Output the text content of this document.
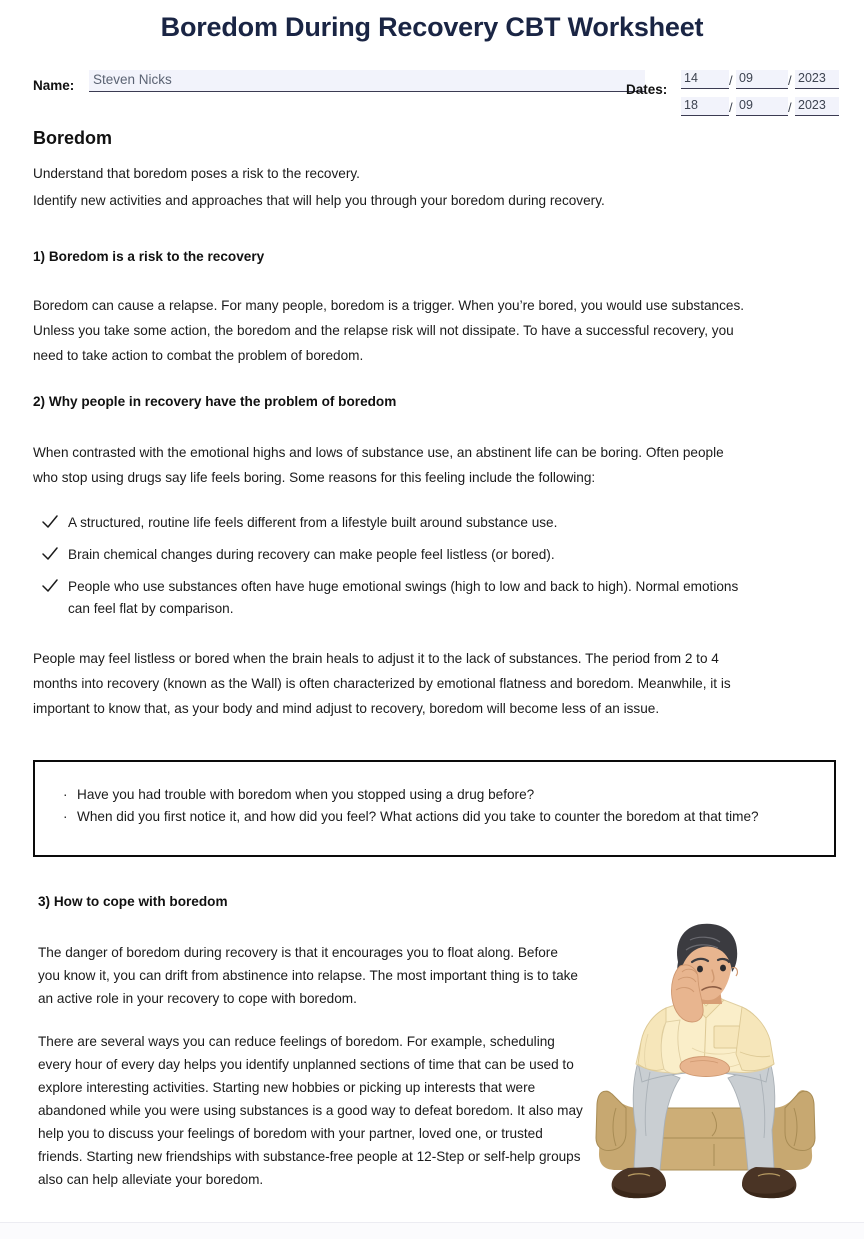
Boredom During Recovery CBT Worksheet
Name: Steven Nicks
Dates:
14 / 09	/ 2023
18 / 09	/ 2023
Boredom

Understand that boredom poses a risk to the recovery.

Identify new activities and approaches that will help you through your boredom during recovery.

1) Boredom is a risk to the recovery
Boredom can cause a relapse. For many people, boredom is a trigger. When you’re bored, you would use substances. Unless you take some action, the boredom and the relapse risk will not dissipate. To have a successful recovery, you need to take action to combat the problem of boredom.
2) Why people in recovery have the problem of boredom
When contrasted with the emotional highs and lows of substance use, an abstinent life can be boring. Often people who stop using drugs say life feels boring. Some reasons for this feeling include the following:
A structured, routine life feels different from a lifestyle built around substance use.
Brain chemical changes during recovery can make people feel listless (or bored).
People who use substances often have huge emotional swings (high to low and back to high). Normal emotions can feel flat by comparison.
People may feel listless or bored when the brain heals to adjust it to the lack of substances. The period from 2 to 4 months into recovery (known as the Wall) is often characterized by emotional flatness and boredom. Meanwhile, it is important to know that, as your body and mind adjust to recovery, boredom will become less of an issue.
· Have you had trouble with boredom when you stopped using a drug before?
· When did you first notice it, and how did you feel? What actions did you take to counter the boredom at that time?
3) How to cope with boredom
The danger of boredom during recovery is that it encourages you to float along. Before you know it, you can drift from abstinence into relapse. The most important thing is to take an active role in your recovery to cope with boredom.
There are several ways you can reduce feelings of boredom. For example, scheduling every hour of every day helps you identify unplanned sections of time that can be used to explore interesting activities. Starting new hobbies or picking up interests that were abandoned while you were using substances is a good way to defeat boredom. It also may help you to discuss your feelings of boredom with your partner, loved one, or trusted friends. Starting new friendships with substance-free people at 12-Step or self-help groups also can help alleviate your boredom.
